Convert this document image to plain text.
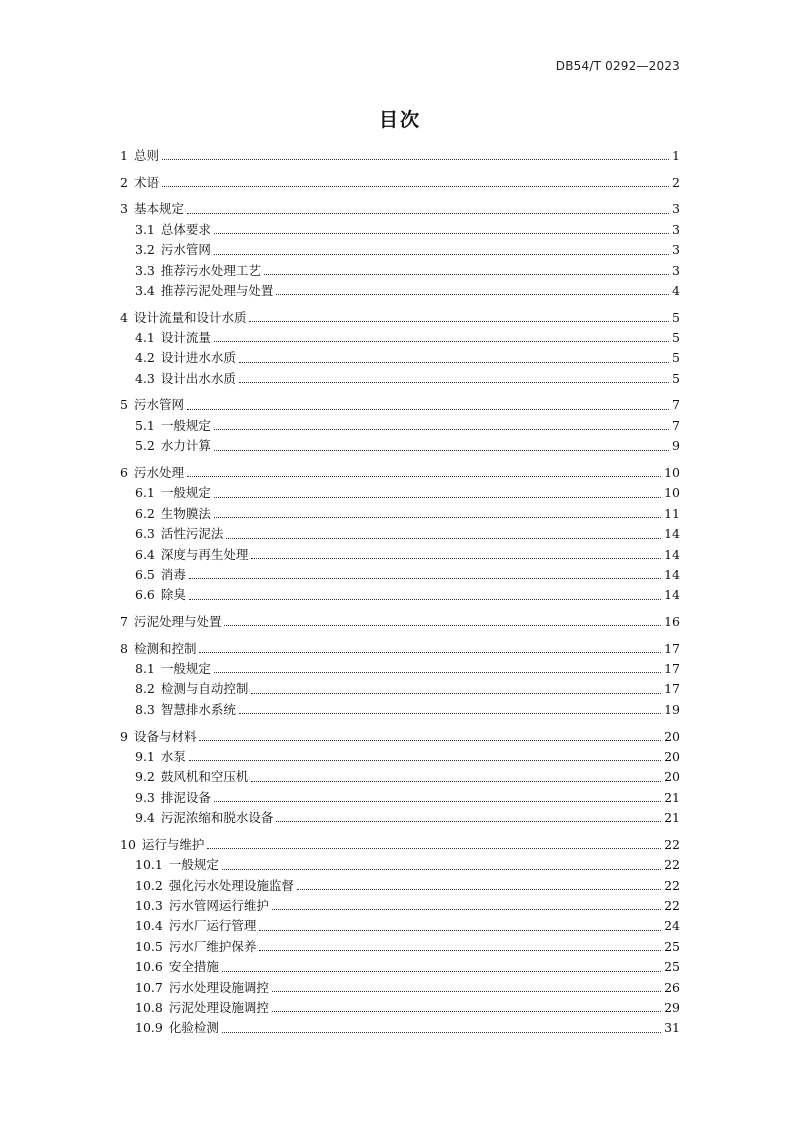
DB54/T 0292—2023
目次
1 总则	1
2 术语	2
3 基本规定	3
3.1 总体要求	3
3.2 污水管网	3
3.3 推荐污水处理工艺	3
3.4 推荐污泥处理与处置	4
4 设计流量和设计水质	5
4.1 设计流量	5
4.2 设计进水水质	5
4.3 设计出水水质	5
5 污水管网	7
5.1 一般规定	7
5.2 水力计算	9
6 污水处理	10
6.1 一般规定	10
6.2 生物膜法	11
6.3 活性污泥法	14
6.4 深度与再生处理	14
6.5 消毒	14
6.6 除臭	14
7 污泥处理与处置	16
8 检测和控制	17
8.1 一般规定	17
8.2 检测与自动控制	17
8.3 智慧排水系统	19
9 设备与材料	20
9.1 水泵	20
9.2 鼓风机和空压机	20
9.3 排泥设备	21
9.4 污泥浓缩和脱水设备	21
10 运行与维护	22
10.1 一般规定	22
10.2 强化污水处理设施监督	22
10.3 污水管网运行维护	22
10.4 污水厂运行管理	24
10.5 污水厂维护保养	25
10.6 安全措施	25
10.7 污水处理设施调控	26
10.8 污泥处理设施调控	29
10.9 化验检测	31
